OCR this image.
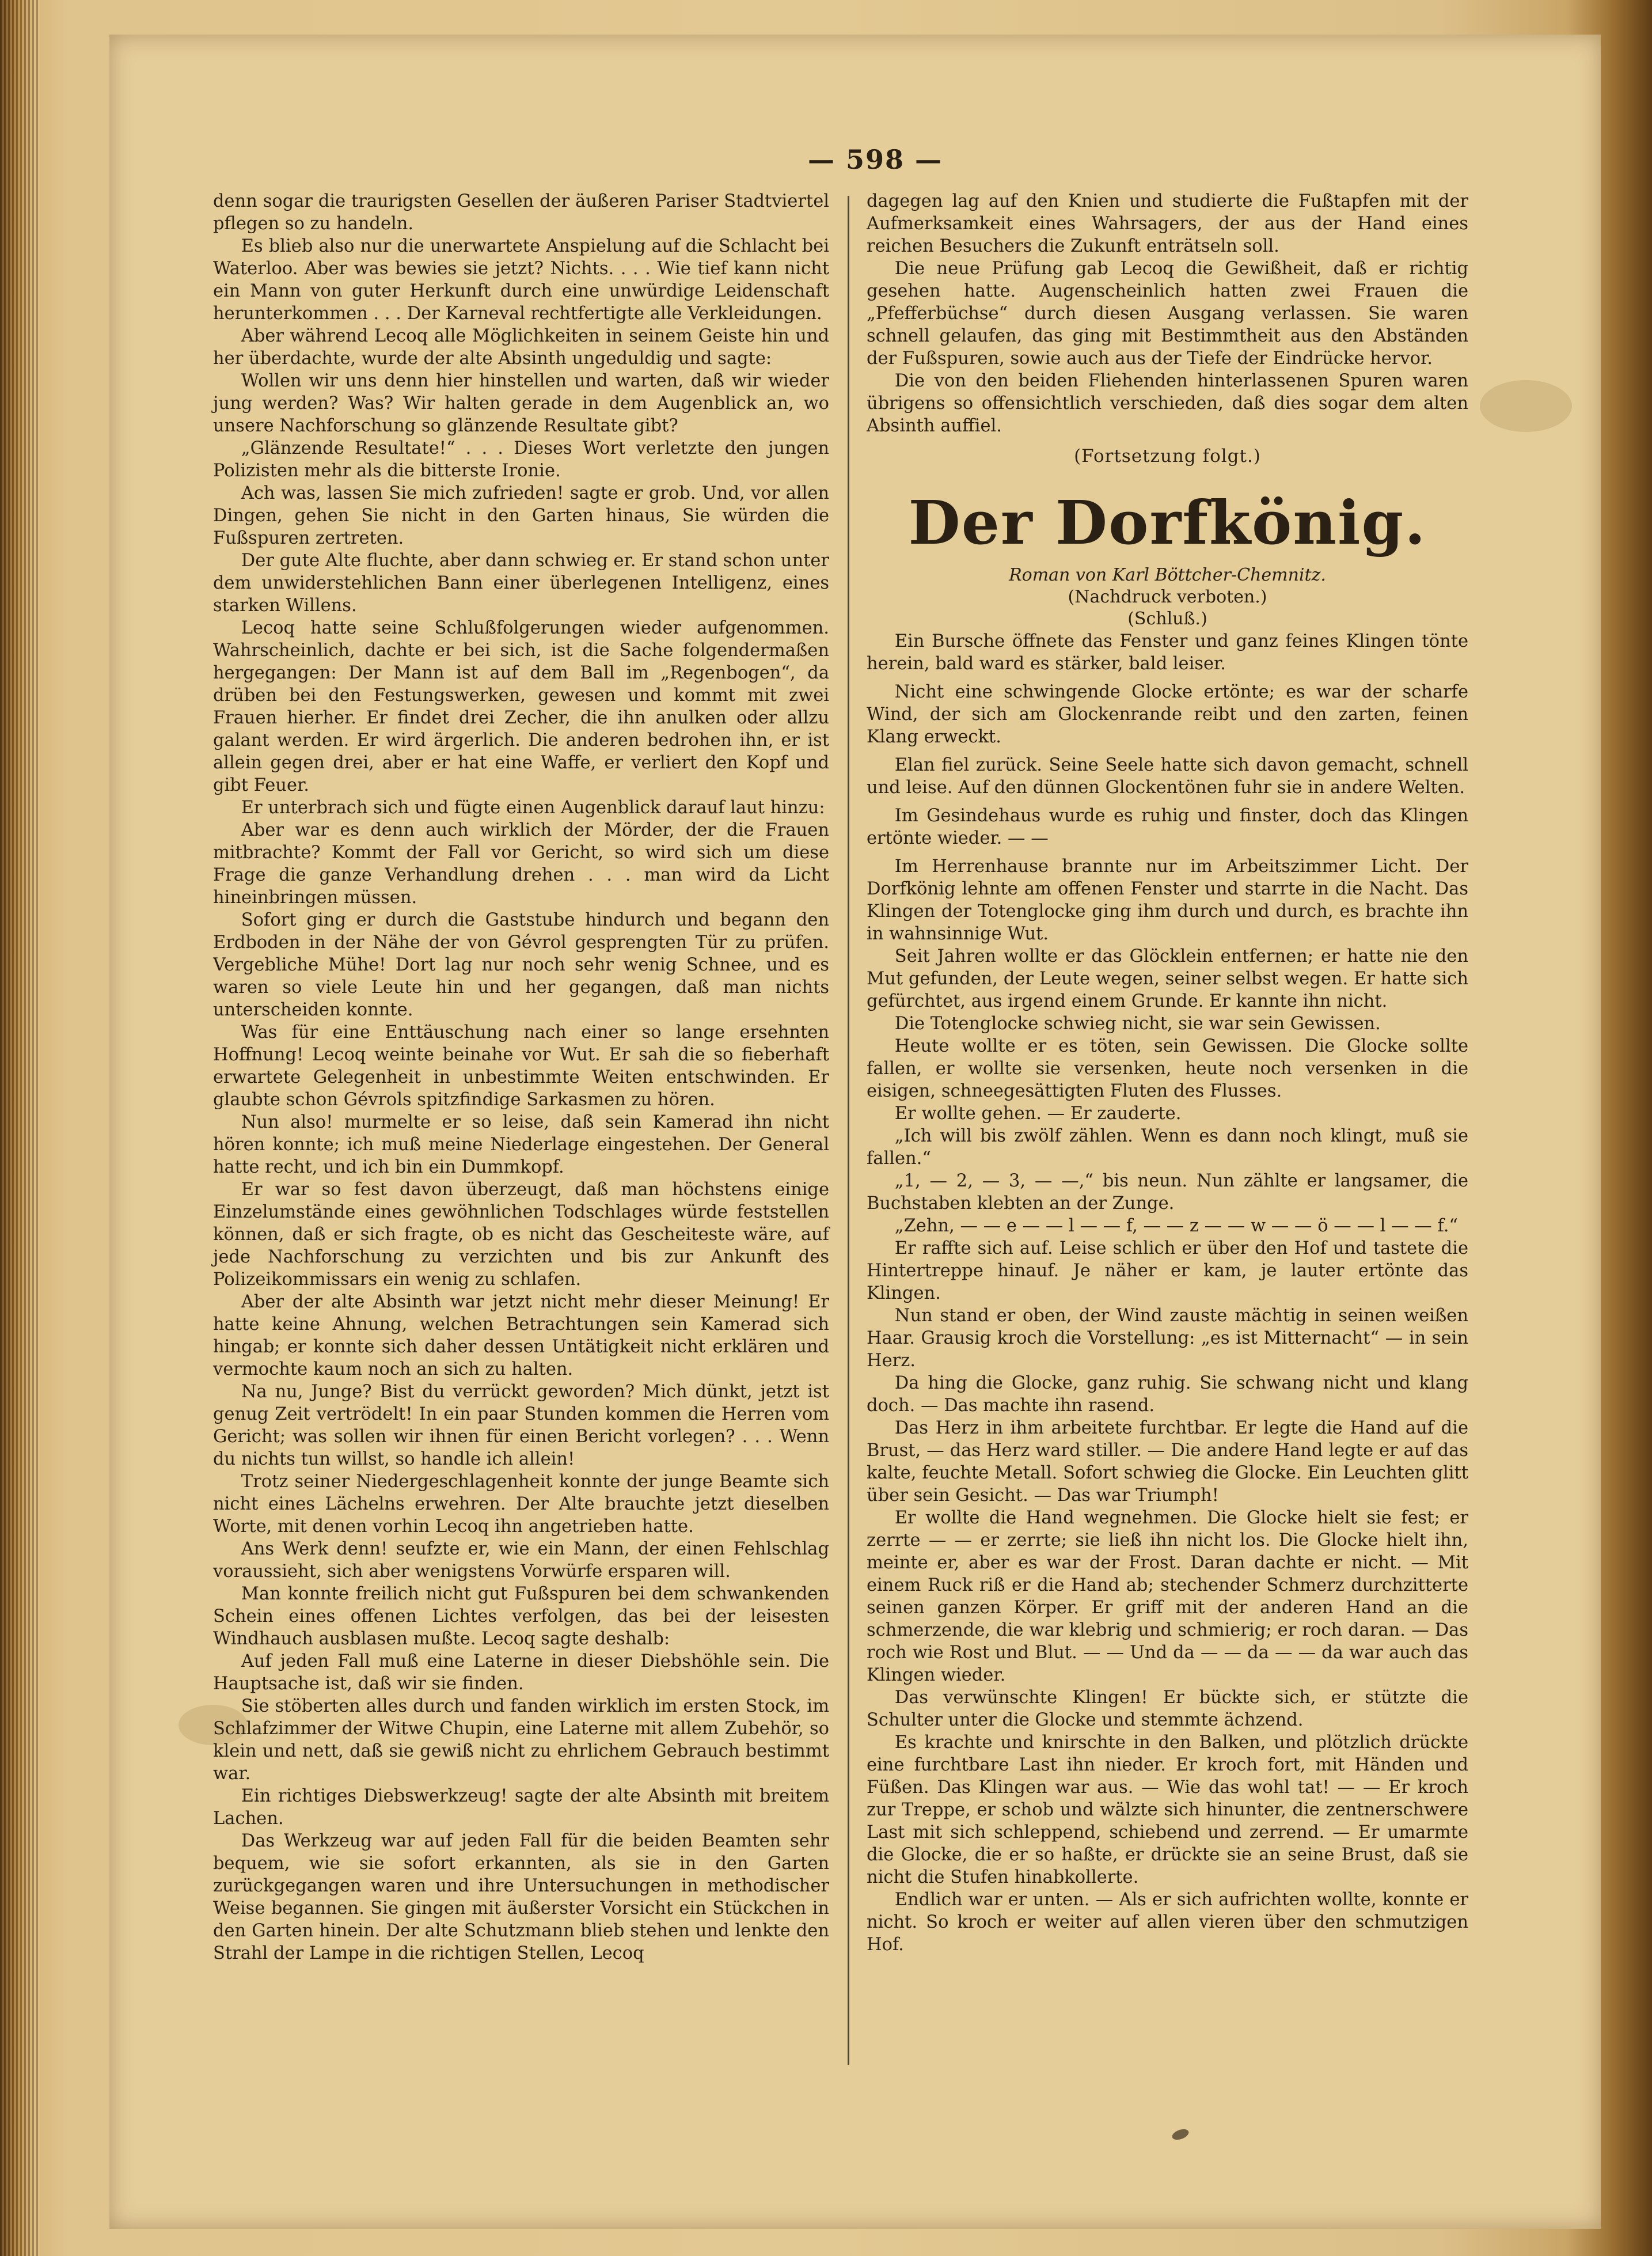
— 598 —

denn sogar die traurigsten Gesellen der äußeren Pariser Stadtviertel pflegen so zu handeln.

Es blieb also nur die unerwartete Anspielung auf die Schlacht bei Waterloo. Aber was bewies sie jetzt? Nichts. . . . Wie tief kann nicht ein Mann von guter Herkunft durch eine unwürdige Leidenschaft herunterkommen . . . Der Karneval rechtfertigte alle Verkleidungen.

Aber während Lecoq alle Möglichkeiten in seinem Geiste hin und her überdachte, wurde der alte Absinth ungeduldig und sagte:

Wollen wir uns denn hier hinstellen und warten, daß wir wieder jung werden? Was? Wir halten gerade in dem Augenblick an, wo unsere Nachforschung so glänzende Resultate gibt?

„Glänzende Resultate!“ . . . Dieses Wort verletzte den jungen Polizisten mehr als die bitterste Ironie.

Ach was, lassen Sie mich zufrieden! sagte er grob. Und, vor allen Dingen, gehen Sie nicht in den Garten hinaus, Sie würden die Fußspuren zertreten.

Der gute Alte fluchte, aber dann schwieg er. Er stand schon unter dem unwiderstehlichen Bann einer überlegenen Intelligenz, eines starken Willens.

Lecoq hatte seine Schlußfolgerungen wieder aufgenommen. Wahrscheinlich, dachte er bei sich, ist die Sache folgendermaßen hergegangen: Der Mann ist auf dem Ball im „Regenbogen“, da drüben bei den Festungswerken, gewesen und kommt mit zwei Frauen hierher. Er findet drei Zecher, die ihn anulken oder allzu galant werden. Er wird ärgerlich. Die anderen bedrohen ihn, er ist allein gegen drei, aber er hat eine Waffe, er verliert den Kopf und gibt Feuer.

Er unterbrach sich und fügte einen Augenblick darauf laut hinzu:

Aber war es denn auch wirklich der Mörder, der die Frauen mitbrachte? Kommt der Fall vor Gericht, so wird sich um diese Frage die ganze Verhandlung drehen . . . man wird da Licht hineinbringen müssen.

Sofort ging er durch die Gaststube hindurch und begann den Erdboden in der Nähe der von Gévrol gesprengten Tür zu prüfen. Vergebliche Mühe! Dort lag nur noch sehr wenig Schnee, und es waren so viele Leute hin und her gegangen, daß man nichts unterscheiden konnte.

Was für eine Enttäuschung nach einer so lange ersehnten Hoffnung! Lecoq weinte beinahe vor Wut. Er sah die so fieberhaft erwartete Gelegenheit in unbestimmte Weiten entschwinden. Er glaubte schon Gévrols spitzfindige Sarkasmen zu hören.

Nun also! murmelte er so leise, daß sein Kamerad ihn nicht hören konnte; ich muß meine Niederlage eingestehen. Der General hatte recht, und ich bin ein Dummkopf.

Er war so fest davon überzeugt, daß man höchstens einige Einzelumstände eines gewöhnlichen Todschlages würde feststellen können, daß er sich fragte, ob es nicht das Gescheiteste wäre, auf jede Nachforschung zu verzichten und bis zur Ankunft des Polizeikommissars ein wenig zu schlafen.

Aber der alte Absinth war jetzt nicht mehr dieser Meinung! Er hatte keine Ahnung, welchen Betrachtungen sein Kamerad sich hingab; er konnte sich daher dessen Untätigkeit nicht erklären und vermochte kaum noch an sich zu halten.

Na nu, Junge? Bist du verrückt geworden? Mich dünkt, jetzt ist genug Zeit vertrödelt! In ein paar Stunden kommen die Herren vom Gericht; was sollen wir ihnen für einen Bericht vorlegen? . . . Wenn du nichts tun willst, so handle ich allein!

Trotz seiner Niedergeschlagenheit konnte der junge Beamte sich nicht eines Lächelns erwehren. Der Alte brauchte jetzt dieselben Worte, mit denen vorhin Lecoq ihn angetrieben hatte.

Ans Werk denn! seufzte er, wie ein Mann, der einen Fehlschlag voraussieht, sich aber wenigstens Vorwürfe ersparen will.

Man konnte freilich nicht gut Fußspuren bei dem schwankenden Schein eines offenen Lichtes verfolgen, das bei der leisesten Windhauch ausblasen mußte. Lecoq sagte deshalb:

Auf jeden Fall muß eine Laterne in dieser Diebshöhle sein. Die Hauptsache ist, daß wir sie finden.

Sie stöberten alles durch und fanden wirklich im ersten Stock, im Schlafzimmer der Witwe Chupin, eine Laterne mit allem Zubehör, so klein und nett, daß sie gewiß nicht zu ehrlichem Gebrauch bestimmt war.

Ein richtiges Diebswerkzeug! sagte der alte Absinth mit breitem Lachen.

Das Werkzeug war auf jeden Fall für die beiden Beamten sehr bequem, wie sie sofort erkannten, als sie in den Garten zurückgegangen waren und ihre Untersuchungen in methodischer Weise begannen. Sie gingen mit äußerster Vorsicht ein Stückchen in den Garten hinein. Der alte Schutzmann blieb stehen und lenkte den Strahl der Lampe in die richtigen Stellen, Lecoq

dagegen lag auf den Knien und studierte die Fußtapfen mit der Aufmerksamkeit eines Wahrsagers, der aus der Hand eines reichen Besuchers die Zukunft enträtseln soll.

Die neue Prüfung gab Lecoq die Gewißheit, daß er richtig gesehen hatte. Augenscheinlich hatten zwei Frauen die „Pfefferbüchse“ durch diesen Ausgang verlassen. Sie waren schnell gelaufen, das ging mit Bestimmtheit aus den Abständen der Fußspuren, sowie auch aus der Tiefe der Eindrücke hervor.

Die von den beiden Fliehenden hinterlassenen Spuren waren übrigens so offensichtlich verschieden, daß dies sogar dem alten Absinth auffiel.

(Fortsetzung folgt.)
Der Dorfkönig.
Roman von Karl Böttcher-Chemnitz.
(Nachdruck verboten.)
(Schluß.)

Ein Bursche öffnete das Fenster und ganz feines Klingen tönte herein, bald ward es stärker, bald leiser.

Nicht eine schwingende Glocke ertönte; es war der scharfe Wind, der sich am Glockenrande reibt und den zarten, feinen Klang erweckt.

Elan fiel zurück. Seine Seele hatte sich davon gemacht, schnell und leise. Auf den dünnen Glockentönen fuhr sie in andere Welten.

Im Gesindehaus wurde es ruhig und finster, doch das Klingen ertönte wieder. — —

Im Herrenhause brannte nur im Arbeitszimmer Licht. Der Dorfkönig lehnte am offenen Fenster und starrte in die Nacht. Das Klingen der Totenglocke ging ihm durch und durch, es brachte ihn in wahnsinnige Wut.

Seit Jahren wollte er das Glöcklein entfernen; er hatte nie den Mut gefunden, der Leute wegen, seiner selbst wegen. Er hatte sich gefürchtet, aus irgend einem Grunde. Er kannte ihn nicht.

Die Totenglocke schwieg nicht, sie war sein Gewissen.

Heute wollte er es töten, sein Gewissen. Die Glocke sollte fallen, er wollte sie versenken, heute noch versenken in die eisigen, schneegesättigten Fluten des Flusses.

Er wollte gehen. — Er zauderte.

„Ich will bis zwölf zählen. Wenn es dann noch klingt, muß sie fallen.“

„1, — 2, — 3, — —,“ bis neun. Nun zählte er langsamer, die Buchstaben klebten an der Zunge.

„Zehn, — — e — — l — — f, — — z — — w — — ö — — l — — f.“

Er raffte sich auf. Leise schlich er über den Hof und tastete die Hintertreppe hinauf. Je näher er kam, je lauter ertönte das Klingen.

Nun stand er oben, der Wind zauste mächtig in seinen weißen Haar. Grausig kroch die Vorstellung: „es ist Mitternacht“ — in sein Herz.

Da hing die Glocke, ganz ruhig. Sie schwang nicht und klang doch. — Das machte ihn rasend.

Das Herz in ihm arbeitete furchtbar. Er legte die Hand auf die Brust, — das Herz ward stiller. — Die andere Hand legte er auf das kalte, feuchte Metall. Sofort schwieg die Glocke. Ein Leuchten glitt über sein Gesicht. — Das war Triumph!

Er wollte die Hand wegnehmen. Die Glocke hielt sie fest; er zerrte — — er zerrte; sie ließ ihn nicht los. Die Glocke hielt ihn, meinte er, aber es war der Frost. Daran dachte er nicht. — Mit einem Ruck riß er die Hand ab; stechender Schmerz durchzitterte seinen ganzen Körper. Er griff mit der anderen Hand an die schmerzende, die war klebrig und schmierig; er roch daran. — Das roch wie Rost und Blut. — — Und da — — da — — da war auch das Klingen wieder.

Das verwünschte Klingen! Er bückte sich, er stützte die Schulter unter die Glocke und stemmte ächzend.

Es krachte und knirschte in den Balken, und plötzlich drückte eine furchtbare Last ihn nieder. Er kroch fort, mit Händen und Füßen. Das Klingen war aus. — Wie das wohl tat! — — Er kroch zur Treppe, er schob und wälzte sich hinunter, die zentnerschwere Last mit sich schleppend, schiebend und zerrend. — Er umarmte die Glocke, die er so haßte, er drückte sie an seine Brust, daß sie nicht die Stufen hinabkollerte.

Endlich war er unten. — Als er sich aufrichten wollte, konnte er nicht. So kroch er weiter auf allen vieren über den schmutzigen Hof.
